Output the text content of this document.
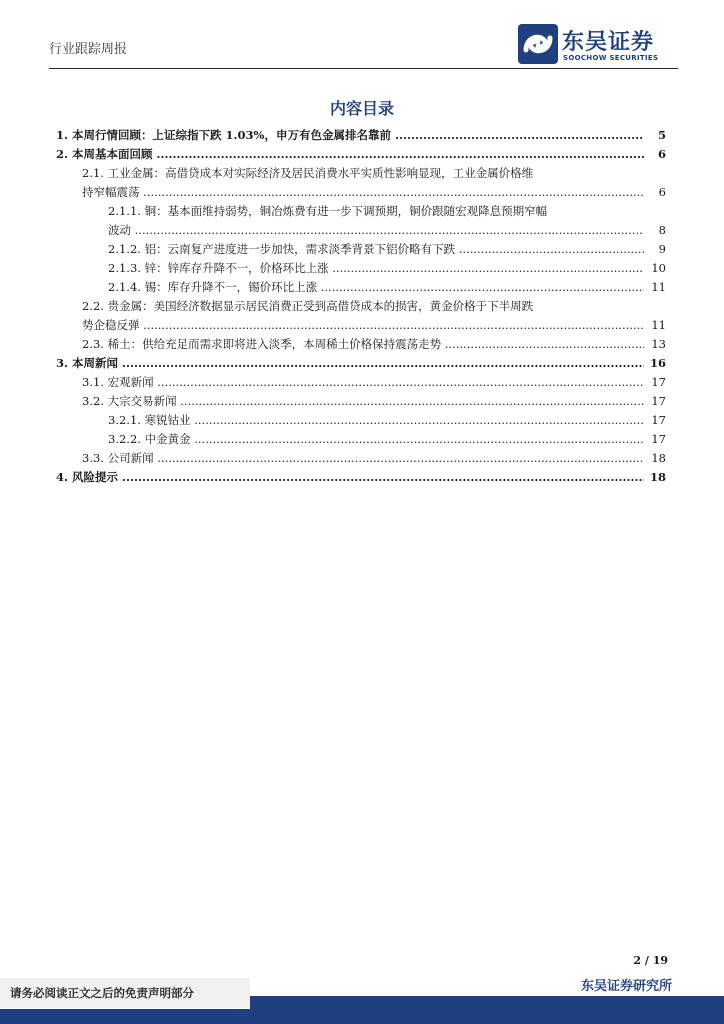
行业跟踪周报	东吴证券
SOOCHOW SECURITIES
内容目录
1. 本周行情回顾：上证综指下跌 1.03%，申万有色金属排名靠前 .....	5
2. 本周基本面回顾 .....	6
2.1. 工业金属：高借贷成本对实际经济及居民消费水平实质性影响显现，工业金属价格维
持窄幅震荡 .....	6
2.1.1. 铜：基本面维持弱势，铜冶炼费有进一步下调预期，铜价跟随宏观降息预期窄幅
波动 .....	8
2.1.2. 铝：云南复产进度进一步加快，需求淡季背景下铝价略有下跌 .....	9
2.1.3. 锌：锌库存升降不一，价格环比上涨 .....	10
2.1.4. 锡：库存升降不一，锡价环比上涨 .....	11
2.2. 贵金属：美国经济数据显示居民消费正受到高借贷成本的损害，黄金价格于下半周跌
势企稳反弹 .....	11
2.3. 稀土：供给充足而需求即将进入淡季，本周稀土价格保持震荡走势 .....	13
3. 本周新闻 .....	16
3.1. 宏观新闻 .....	17
3.2. 大宗交易新闻 .....	17
3.2.1. 寒锐钴业 .....	17
3.2.2. 中金黄金 .....	17
3.3. 公司新闻 .....	18
4. 风险提示 .....	18
2 / 19
东吴证券研究所
请务必阅读正文之后的免责声明部分
